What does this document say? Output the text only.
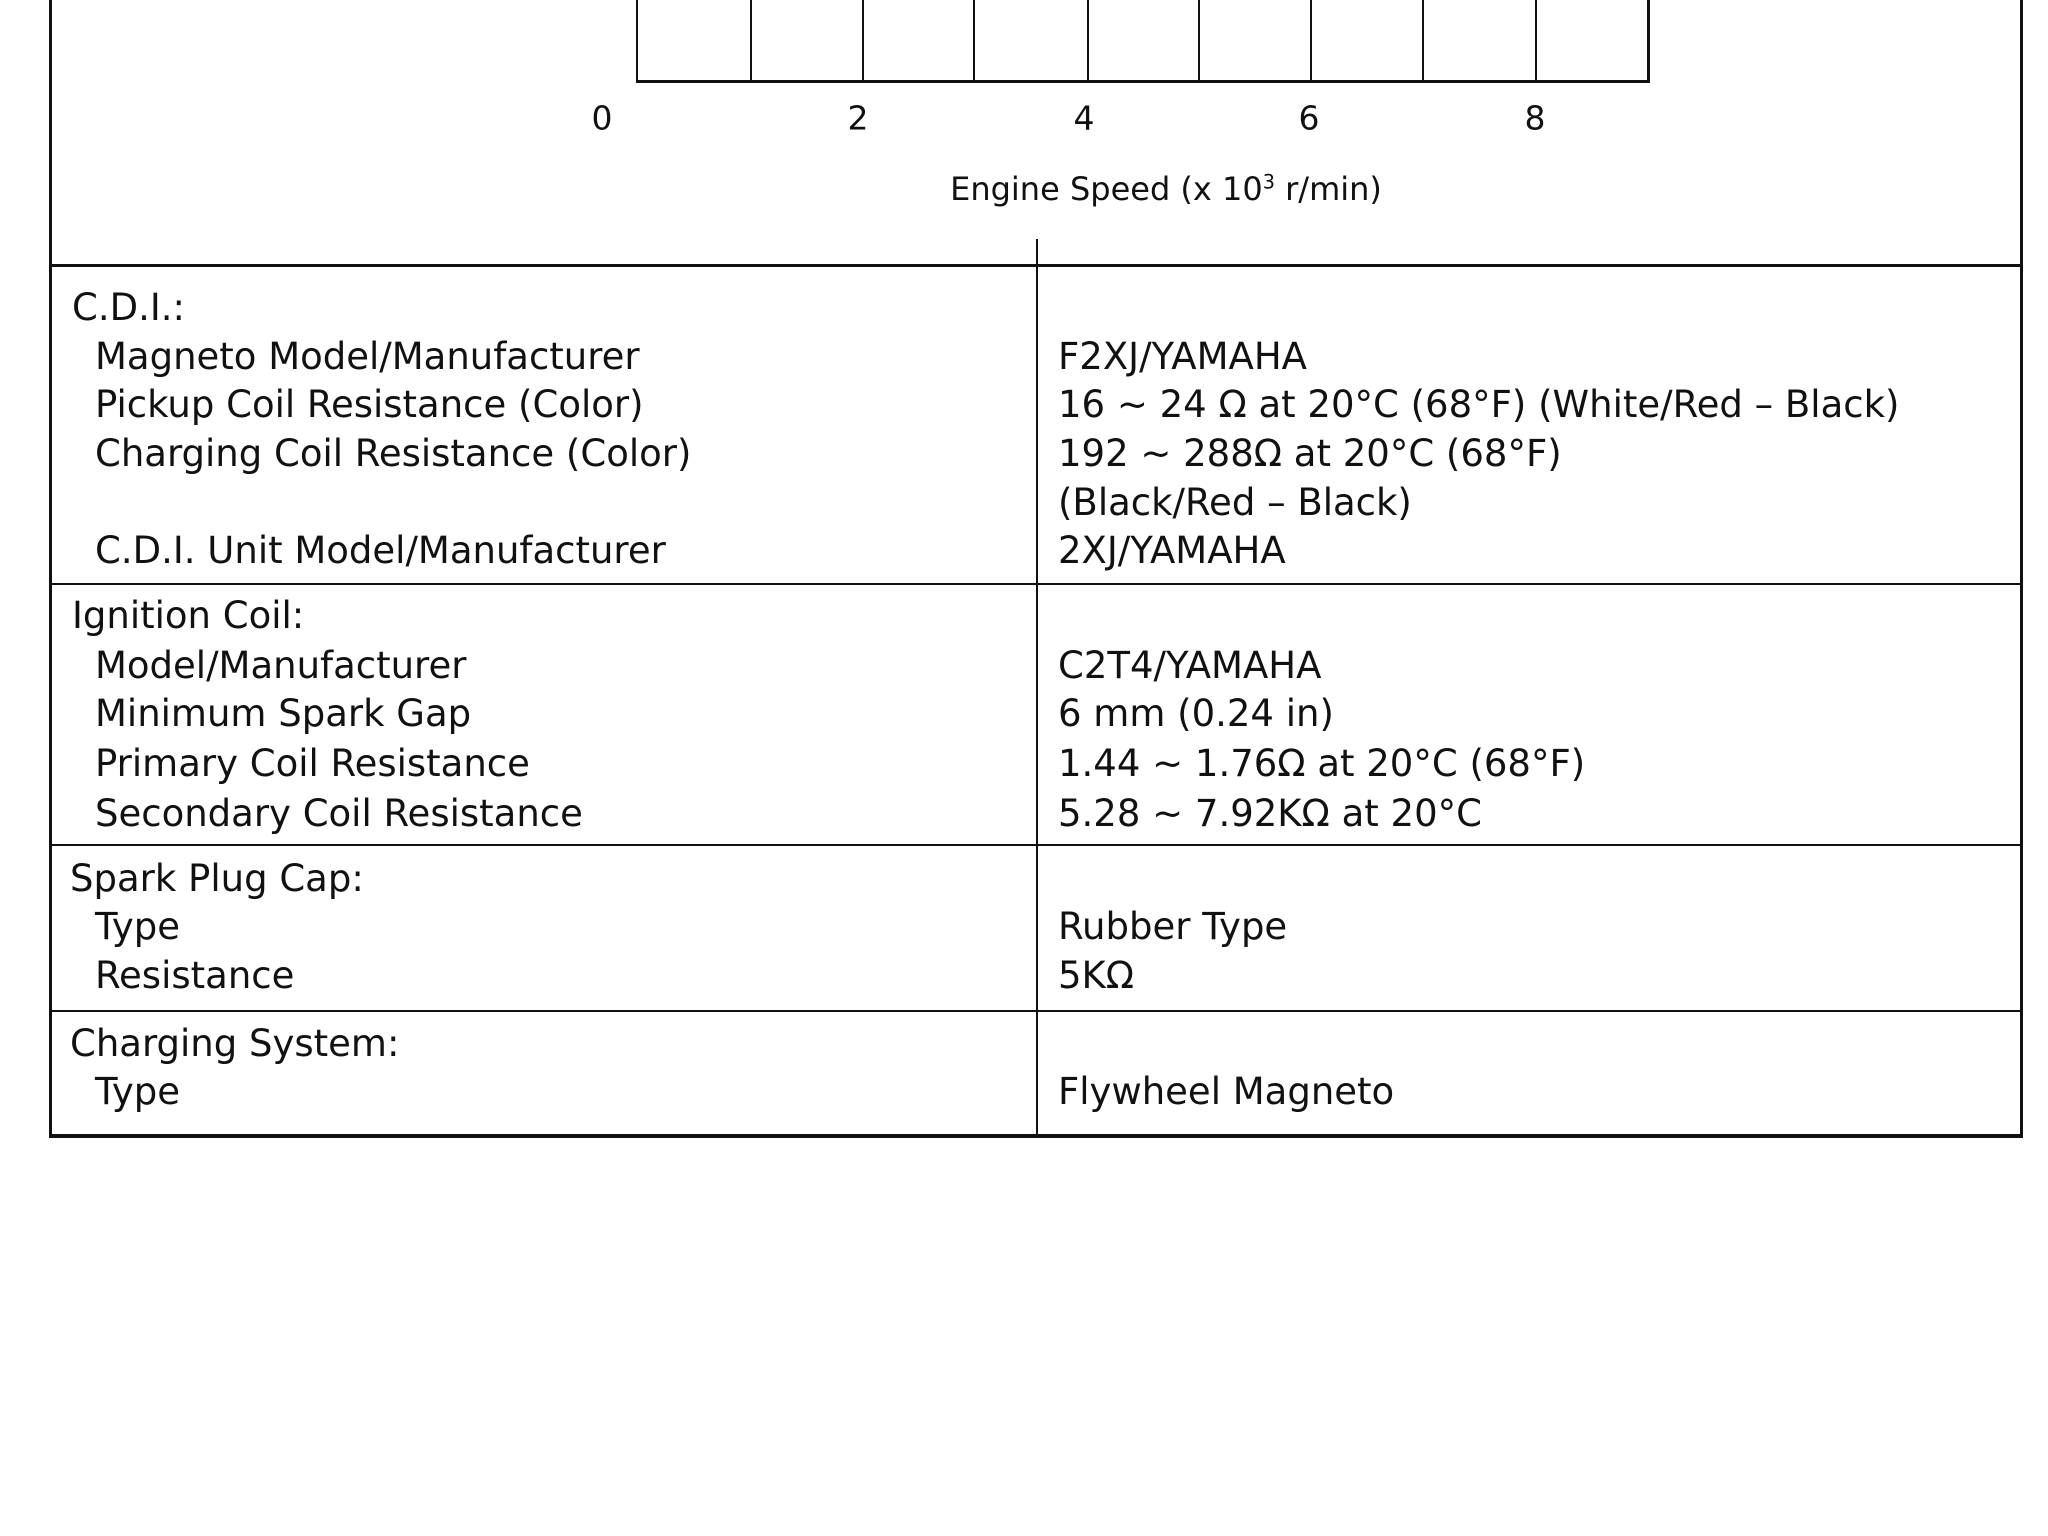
0	2	4	6	8
Engine Speed (x $10^3$ r/min)
C.D.I.:
Magneto Model/Manufacturer	F2XJ/YAMAHA
Pickup Coil Resistance (Color)	16 ~ 24 Ω at 20°C (68°F) (White/Red – Black)
Charging Coil Resistance (Color)	192 ~ 288Ω at 20°C (68°F)
(Black/Red – Black)
C.D.I. Unit Model/Manufacturer	2XJ/YAMAHA
Ignition Coil:
Model/Manufacturer	C2T4/YAMAHA
Minimum Spark Gap	6 mm (0.24 in)
Primary Coil Resistance	1.44 ~ 1.76Ω at 20°C (68°F)
Secondary Coil Resistance	5.28 ~ 7.92KΩ at 20°C
Spark Plug Cap:
Type	Rubber Type
Resistance	5KΩ
Charging System:
Type	Flywheel Magneto
